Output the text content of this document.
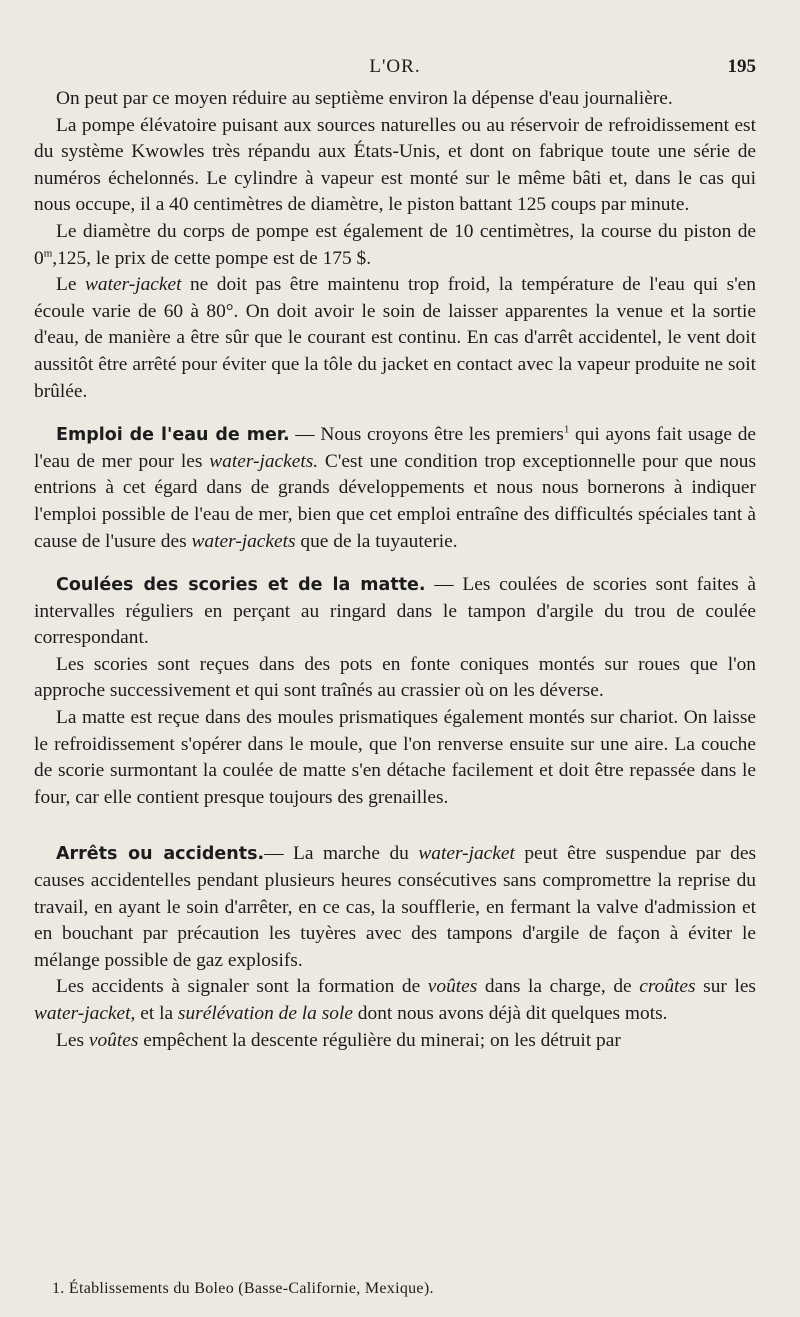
L'OR.	195

On peut par ce moyen réduire au septième environ la dépense d'eau journalière.

La pompe élévatoire puisant aux sources naturelles ou au réservoir de refroidissement est du système Kwowles très répandu aux États-Unis, et dont on fabrique toute une série de numéros échelonnés. Le cylindre à vapeur est monté sur le même bâti et, dans le cas qui nous occupe, il a 40 centimètres de diamètre, le piston battant 125 coups par minute.

Le diamètre du corps de pompe est également de 10 centimètres, la course du piston de 0$^m$,125, le prix de cette pompe est de 175 $.

Le water-jacket ne doit pas être maintenu trop froid, la température de l'eau qui s'en écoule varie de 60 à 80°. On doit avoir le soin de laisser apparentes la venue et la sortie d'eau, de manière a être sûr que le courant est continu. En cas d'arrêt accidentel, le vent doit aussitôt être arrêté pour éviter que la tôle du jacket en contact avec la vapeur produite ne soit brûlée.

Emploi de l'eau de mer. — Nous croyons être les premiers$^1$ qui ayons fait usage de l'eau de mer pour les water-jackets. C'est une condition trop exceptionnelle pour que nous entrions à cet égard dans de grands développements et nous nous bornerons à indiquer l'emploi possible de l'eau de mer, bien que cet emploi entraîne des difficultés spéciales tant à cause de l'usure des water-jackets que de la tuyauterie.

Coulées des scories et de la matte. — Les coulées de scories sont faites à intervalles réguliers en perçant au ringard dans le tampon d'argile du trou de coulée correspondant.

Les scories sont reçues dans des pots en fonte coniques montés sur roues que l'on approche successivement et qui sont traînés au crassier où on les déverse.

La matte est reçue dans des moules prismatiques également montés sur chariot. On laisse le refroidissement s'opérer dans le moule, que l'on renverse ensuite sur une aire. La couche de scorie surmontant la coulée de matte s'en détache facilement et doit être repassée dans le four, car elle contient presque toujours des grenailles.

Arrêts ou accidents.— La marche du water-jacket peut être suspendue par des causes accidentelles pendant plusieurs heures consécutives sans compromettre la reprise du travail, en ayant le soin d'arrêter, en ce cas, la soufflerie, en fermant la valve d'admission et en bouchant par précaution les tuyères avec des tampons d'argile de façon à éviter le mélange possible de gaz explosifs.

Les accidents à signaler sont la formation de voûtes dans la charge, de croûtes sur les water-jacket, et la surélévation de la sole dont nous avons déjà dit quelques mots.

Les voûtes empêchent la descente régulière du minerai; on les détruit par

1. Établissements du Boleo (Basse-Californie, Mexique).
